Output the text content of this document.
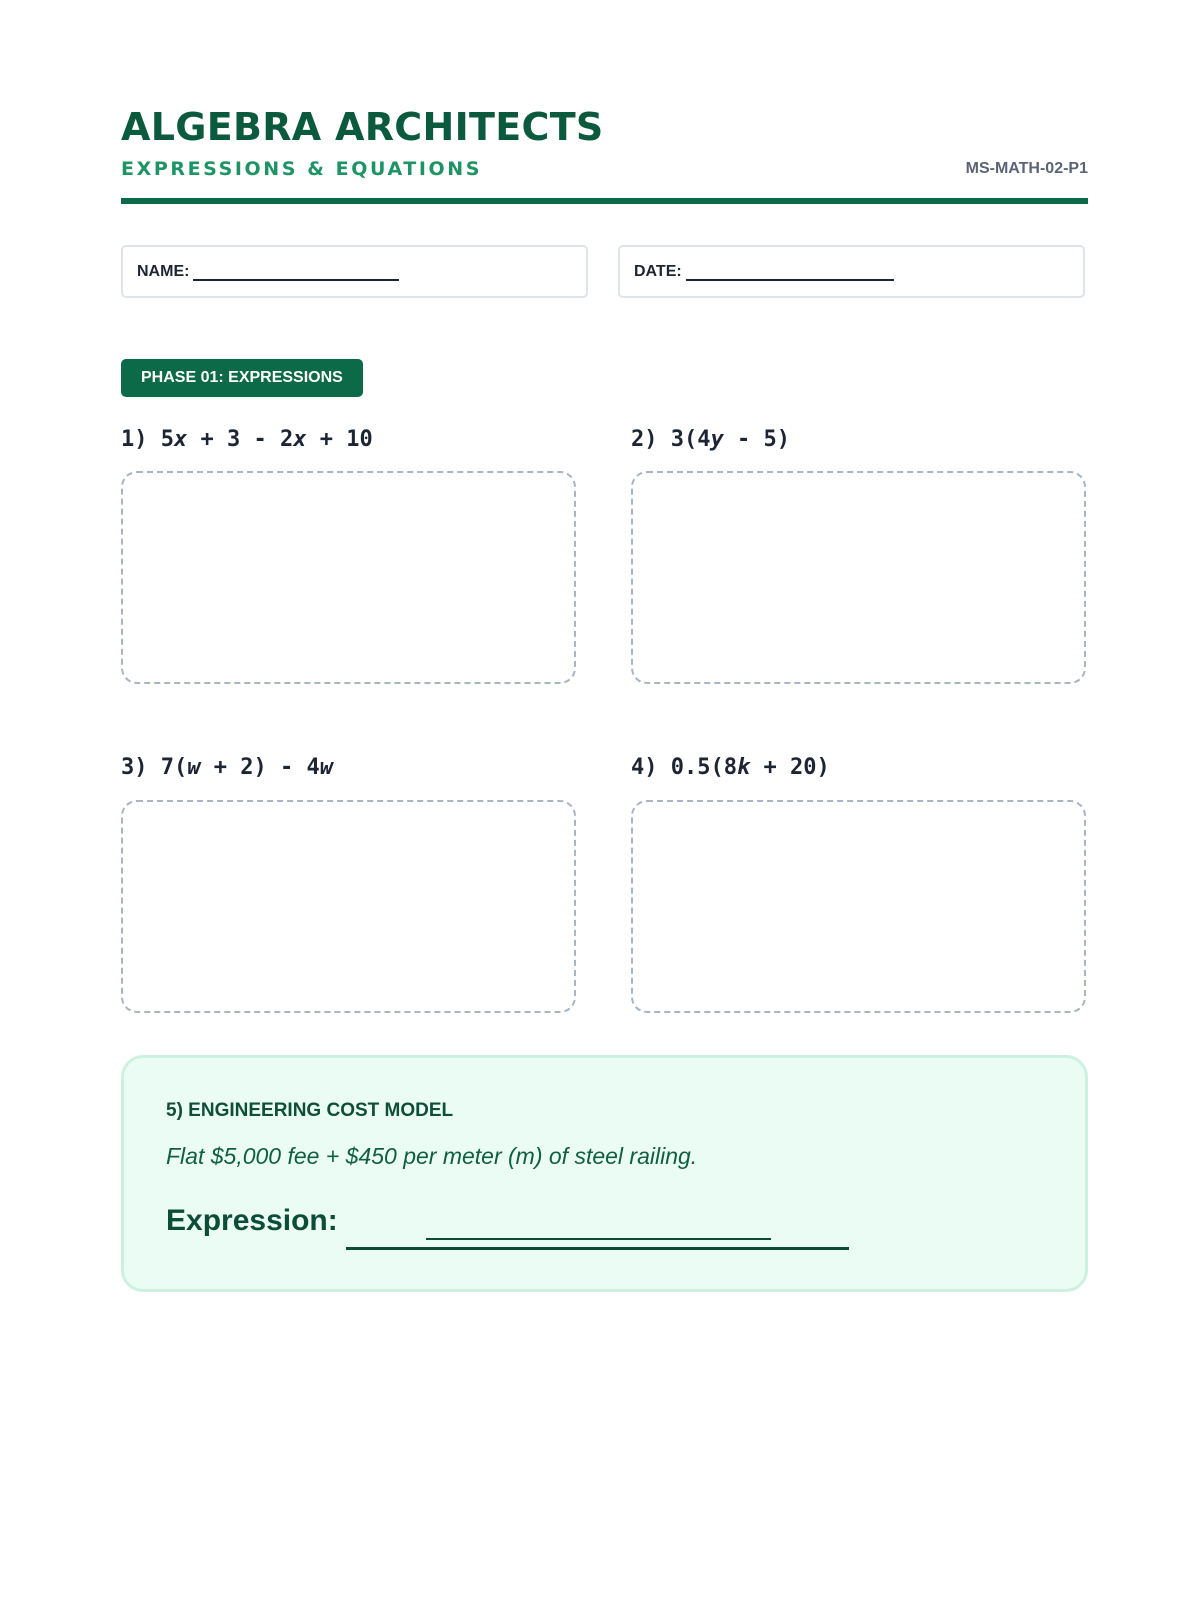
ALGEBRA ARCHITECTS
EXPRESSIONS & EQUATIONS	MS-MATH-02-P1
NAME:	DATE:
PHASE 01: EXPRESSIONS
1) 5x + 3 - 2x + 10	2) 3(4y - 5)
3) 7(w + 2) - 4w	4) 0.5(8k + 20)
5) ENGINEERING COST MODEL
Flat $5,000 fee + $450 per meter (m) of steel railing.
Expression:
